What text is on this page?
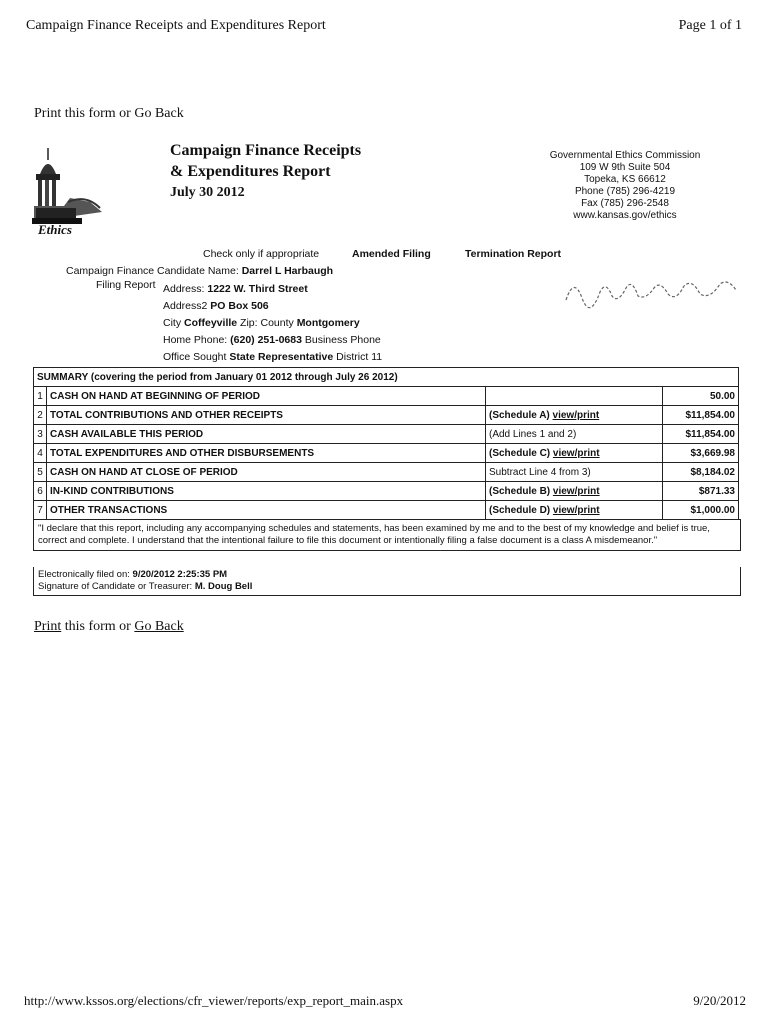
Campaign Finance Receipts and Expenditures Report	Page 1 of 1
Print this form or Go Back
Ethics
Campaign Finance Receipts
& Expenditures Report
July 30 2012
Governmental Ethics Commission
109 W 9th Suite 504
Topeka, KS 66612
Phone (785) 296-4219
Fax (785) 296-2548
www.kansas.gov/ethics
Check only if appropriate	Amended Filing	Termination Report
Campaign Finance Candidate Name: Darrel L Harbaugh
Filing Report Address: 1222 W. Third Street
Address2 PO Box 506
City Coffeyville Zip: County Montgomery
Home Phone: (620) 251-0683 Business Phone
Office Sought State Representative District 11
SUMMARY (covering the period from January 01 2012 through July 26 2012)			
1	CASH ON HAND AT BEGINNING OF PERIOD		50.00
2	TOTAL CONTRIBUTIONS AND OTHER RECEIPTS	(Schedule A) view/print	$11,854.00
3	CASH AVAILABLE THIS PERIOD	(Add Lines 1 and 2)	$11,854.00
4	TOTAL EXPENDITURES AND OTHER DISBURSEMENTS	(Schedule C) view/print	$3,669.98
5	CASH ON HAND AT CLOSE OF PERIOD	Subtract Line 4 from 3)	$8,184.02
6	IN-KIND CONTRIBUTIONS	(Schedule B) view/print	$871.33
7	OTHER TRANSACTIONS	(Schedule D) view/print	$1,000.00
"I declare that this report, including any accompanying schedules and statements, has been examined by me and to the best of my knowledge and belief is true, correct and complete. I understand that the intentional failure to file this document or intentionally filing a false document is a class A misdemeanor."
Electronically filed on: 9/20/2012 2:25:35 PM
Signature of Candidate or Treasurer: M. Doug Bell
Print this form or Go Back
http://www.kssos.org/elections/cfr_viewer/reports/exp_report_main.aspx	9/20/2012
